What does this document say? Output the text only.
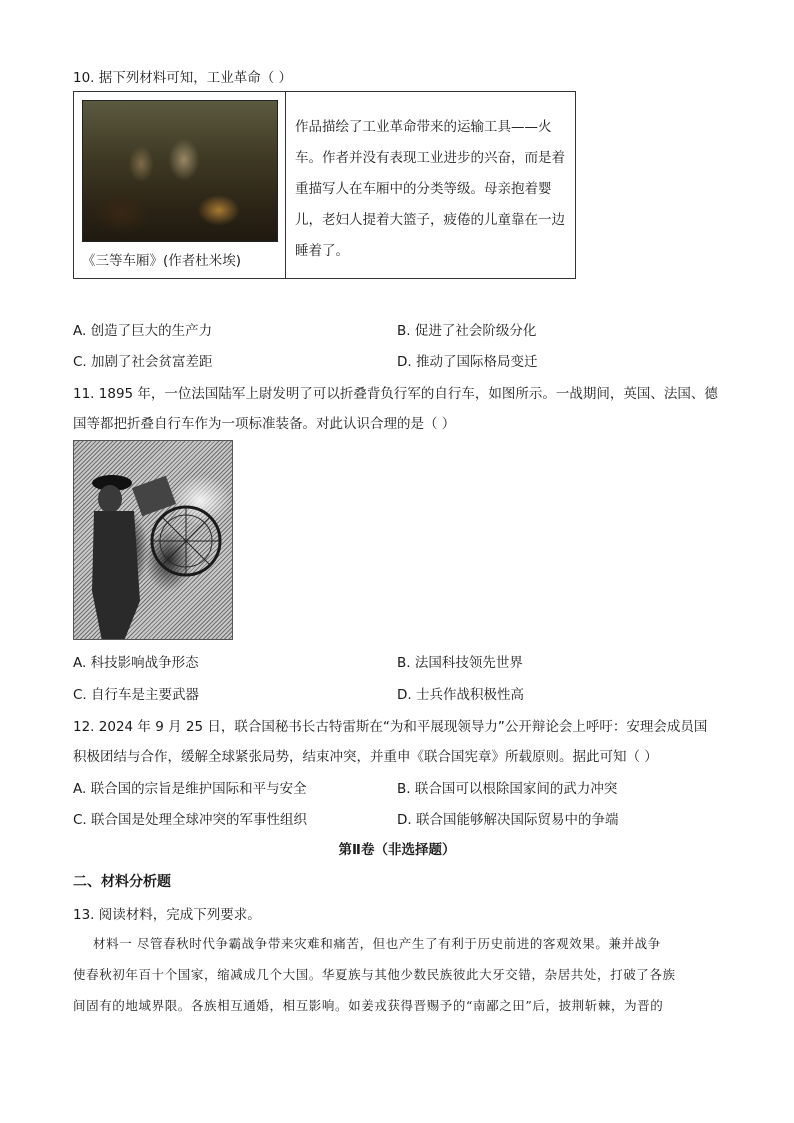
10. 据下列材料可知，工业革命（ ）
《三等车厢》(作者杜米埃)
作品描绘了工业革命带来的运输工具——火车。作者并没有表现工业进步的兴奋，而是着重描写人在车厢中的分类等级。母亲抱着婴儿，老妇人提着大篮子，疲倦的儿童靠在一边睡着了。
A. 创造了巨大的生产力	B. 促进了社会阶级分化
C. 加剧了社会贫富差距	D. 推动了国际格局变迁
11. 1895 年，一位法国陆军上尉发明了可以折叠背负行军的自行车，如图所示。一战期间，英国、法国、德
国等都把折叠自行车作为一项标准装备。对此认识合理的是（ ）
A. 科技影响战争形态	B. 法国科技领先世界
C. 自行车是主要武器	D. 士兵作战积极性高
12. 2024 年 9 月 25 日，联合国秘书长古特雷斯在“为和平展现领导力”公开辩论会上呼吁：安理会成员国
积极团结与合作，缓解全球紧张局势，结束冲突，并重申《联合国宪章》所载原则。据此可知（ ）
A. 联合国的宗旨是维护国际和平与安全	B. 联合国可以根除国家间的武力冲突
C. 联合国是处理全球冲突的军事性组织	D. 联合国能够解决国际贸易中的争端
第Ⅱ卷（非选择题）
二、材料分析题
13. 阅读材料，完成下列要求。
材料一 尽管春秋时代争霸战争带来灾难和痛苦，但也产生了有利于历史前进的客观效果。兼并战争
使春秋初年百十个国家，缩减成几个大国。华夏族与其他少数民族彼此大牙交错，杂居共处，打破了各族
间固有的地域界限。各族相互通婚，相互影响。如姜戎获得晋赐予的“南鄙之田”后，披荆斩棘，为晋的
